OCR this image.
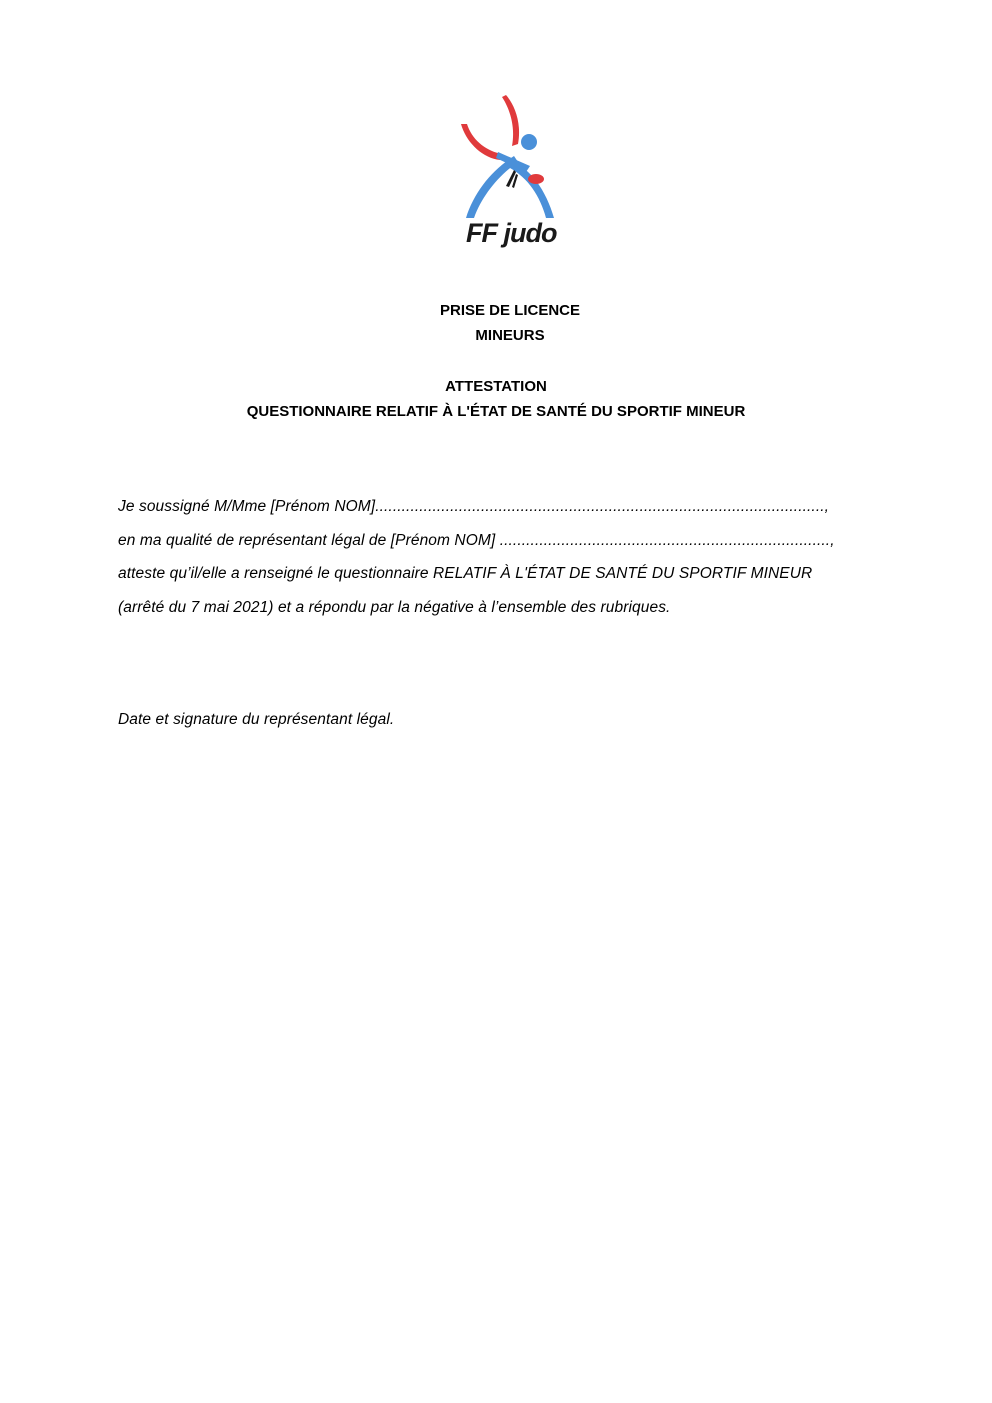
FF judo
PRISE DE LICENCE
MINEURS
ATTESTATION
QUESTIONNAIRE RELATIF À L'ÉTAT DE SANTÉ DU SPORTIF MINEUR
Je soussigné M/Mme [Prénom NOM]......................................................................................................,
en ma qualité de représentant légal de [Prénom NOM] ...........................................................................,
atteste qu’il/elle a renseigné le questionnaire RELATIF À L'ÉTAT DE SANTÉ DU SPORTIF MINEUR
(arrêté du 7 mai 2021) et a répondu par la négative à l’ensemble des rubriques.
Date et signature du représentant légal.
